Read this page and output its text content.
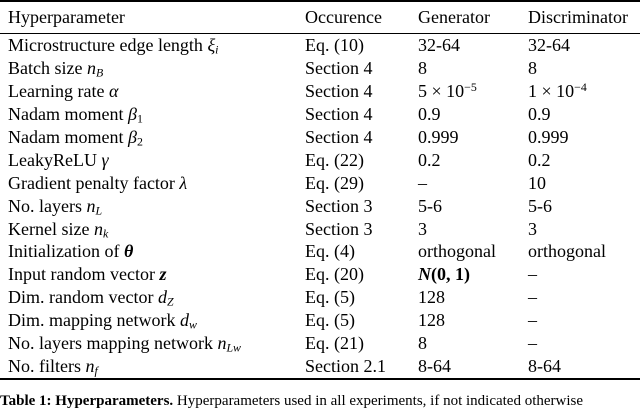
Hyperparameter	Occurence	Generator	Discriminator
Microstructure edge length ξi	Eq. (10)	32-64	32-64
Batch size nB	Section 4	8	8
Learning rate α	Section 4	$5 \times 10^{-5}$	$1 \times 10^{-4}$
Nadam moment β1	Section 4	0.9	0.9
Nadam moment β2	Section 4	0.999	0.999
LeakyReLU γ	Eq. (22)	0.2	0.2
Gradient penalty factor λ	Eq. (29)	–	10
No. layers nL	Section 3	5-6	5-6
Kernel size nk	Section 3	3	3
Initialization of θ	Eq. (4)	orthogonal	orthogonal
Input random vector z	Eq. (20)	N(0, 1)	–
Dim. random vector dZ	Eq. (5)	128	–
Dim. mapping network dw	Eq. (5)	128	–
No. layers mapping network nLw	Eq. (21)	8	–
No. filters nf	Section 2.1	8-64	8-64
Table 1: Hyperparameters. Hyperparameters used in all experiments, if not indicated otherwise
